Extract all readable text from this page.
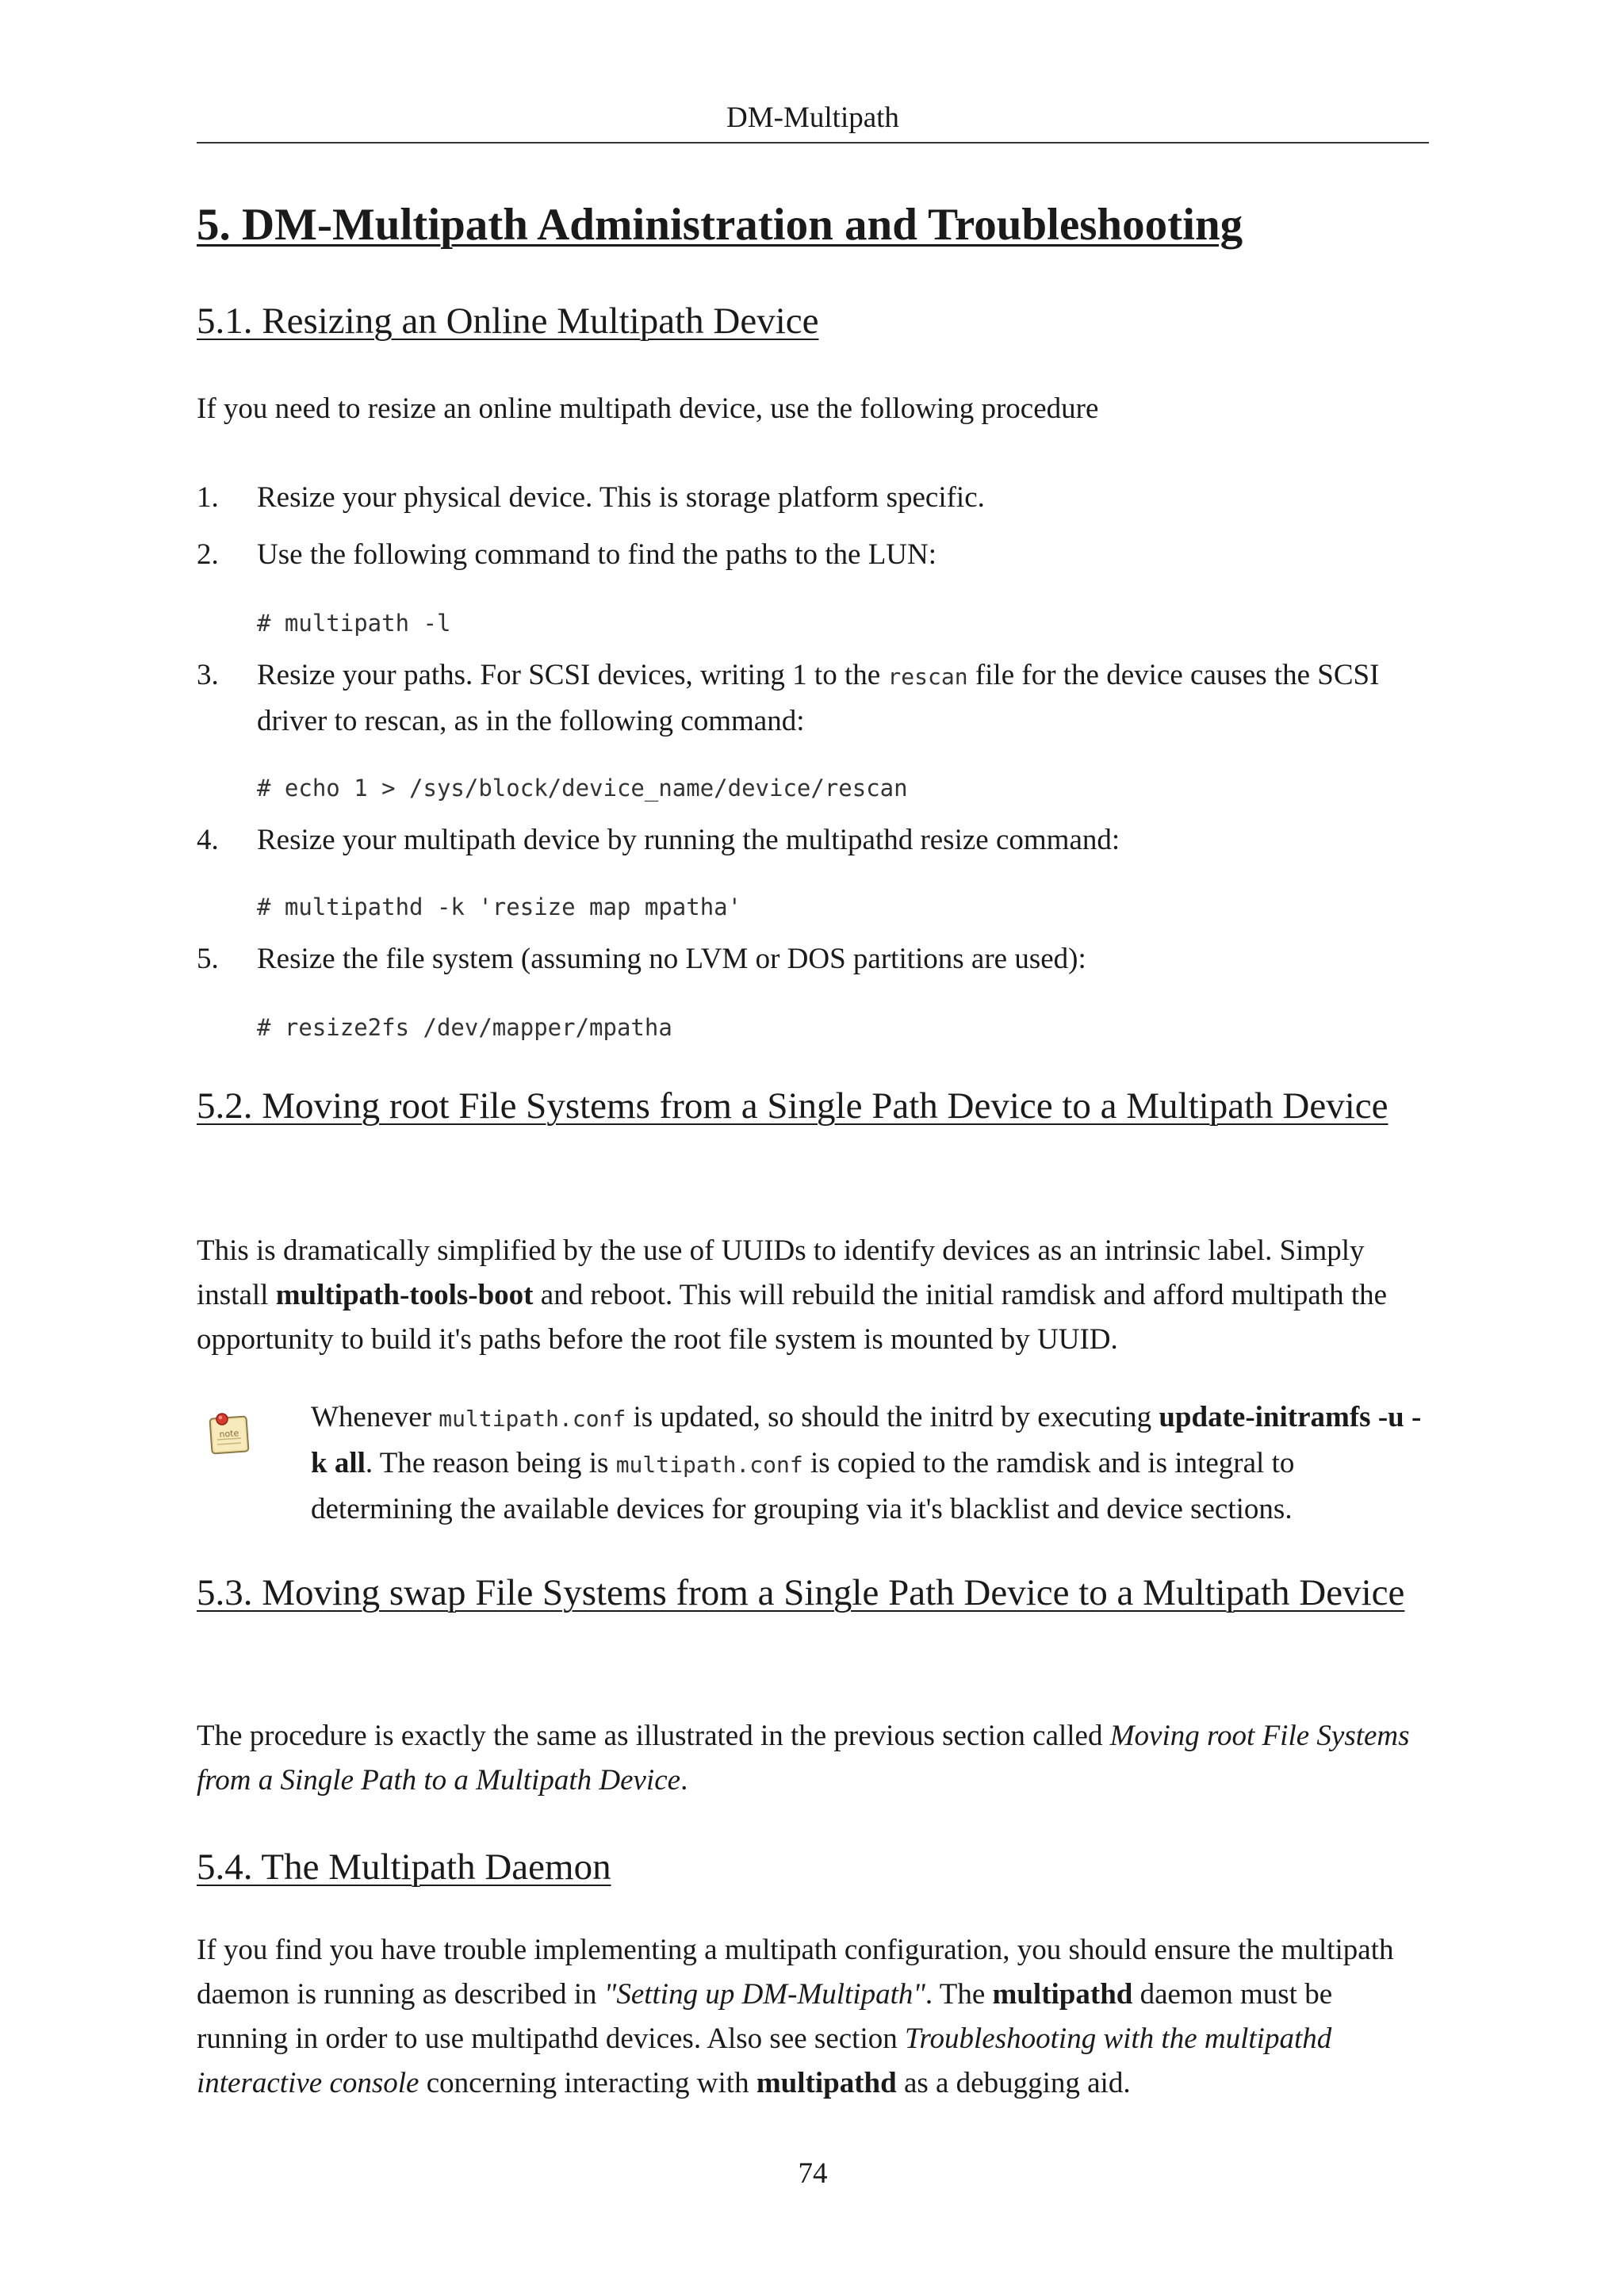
DM-Multipath
5. DM-Multipath Administration and Troubleshooting
5.1. Resizing an Online Multipath Device

If you need to resize an online multipath device, use the following procedure

1. Resize your physical device. This is storage platform specific.
2. Use the following command to find the paths to the LUN:
# multipath -l
3. Resize your paths. For SCSI devices, writing 1 to the rescan file for the device causes the SCSI driver to rescan, as in the following command:
# echo 1 > /sys/block/device_name/device/rescan
4. Resize your multipath device by running the multipathd resize command:
# multipathd -k 'resize map mpatha'
5. Resize the file system (assuming no LVM or DOS partitions are used):
# resize2fs /dev/mapper/mpatha
5.2. Moving root File Systems from a Single Path Device to a Multipath Device

This is dramatically simplified by the use of UUIDs to identify devices as an intrinsic label. Simply install multipath-tools-boot and reboot. This will rebuild the initial ramdisk and afford multipath the opportunity to build it's paths before the root file system is mounted by UUID.

note

Whenever multipath.conf is updated, so should the initrd by executing update-initramfs -u -k all. The reason being is multipath.conf is copied to the ramdisk and is integral to determining the available devices for grouping via it's blacklist and device sections.

5.3. Moving swap File Systems from a Single Path Device to a Multipath Device

The procedure is exactly the same as illustrated in the previous section called Moving root File Systems from a Single Path to a Multipath Device.

5.4. The Multipath Daemon

If you find you have trouble implementing a multipath configuration, you should ensure the multipath daemon is running as described in "Setting up DM-Multipath". The multipathd daemon must be running in order to use multipathd devices. Also see section Troubleshooting with the multipathd interactive console concerning interacting with multipathd as a debugging aid.

74
